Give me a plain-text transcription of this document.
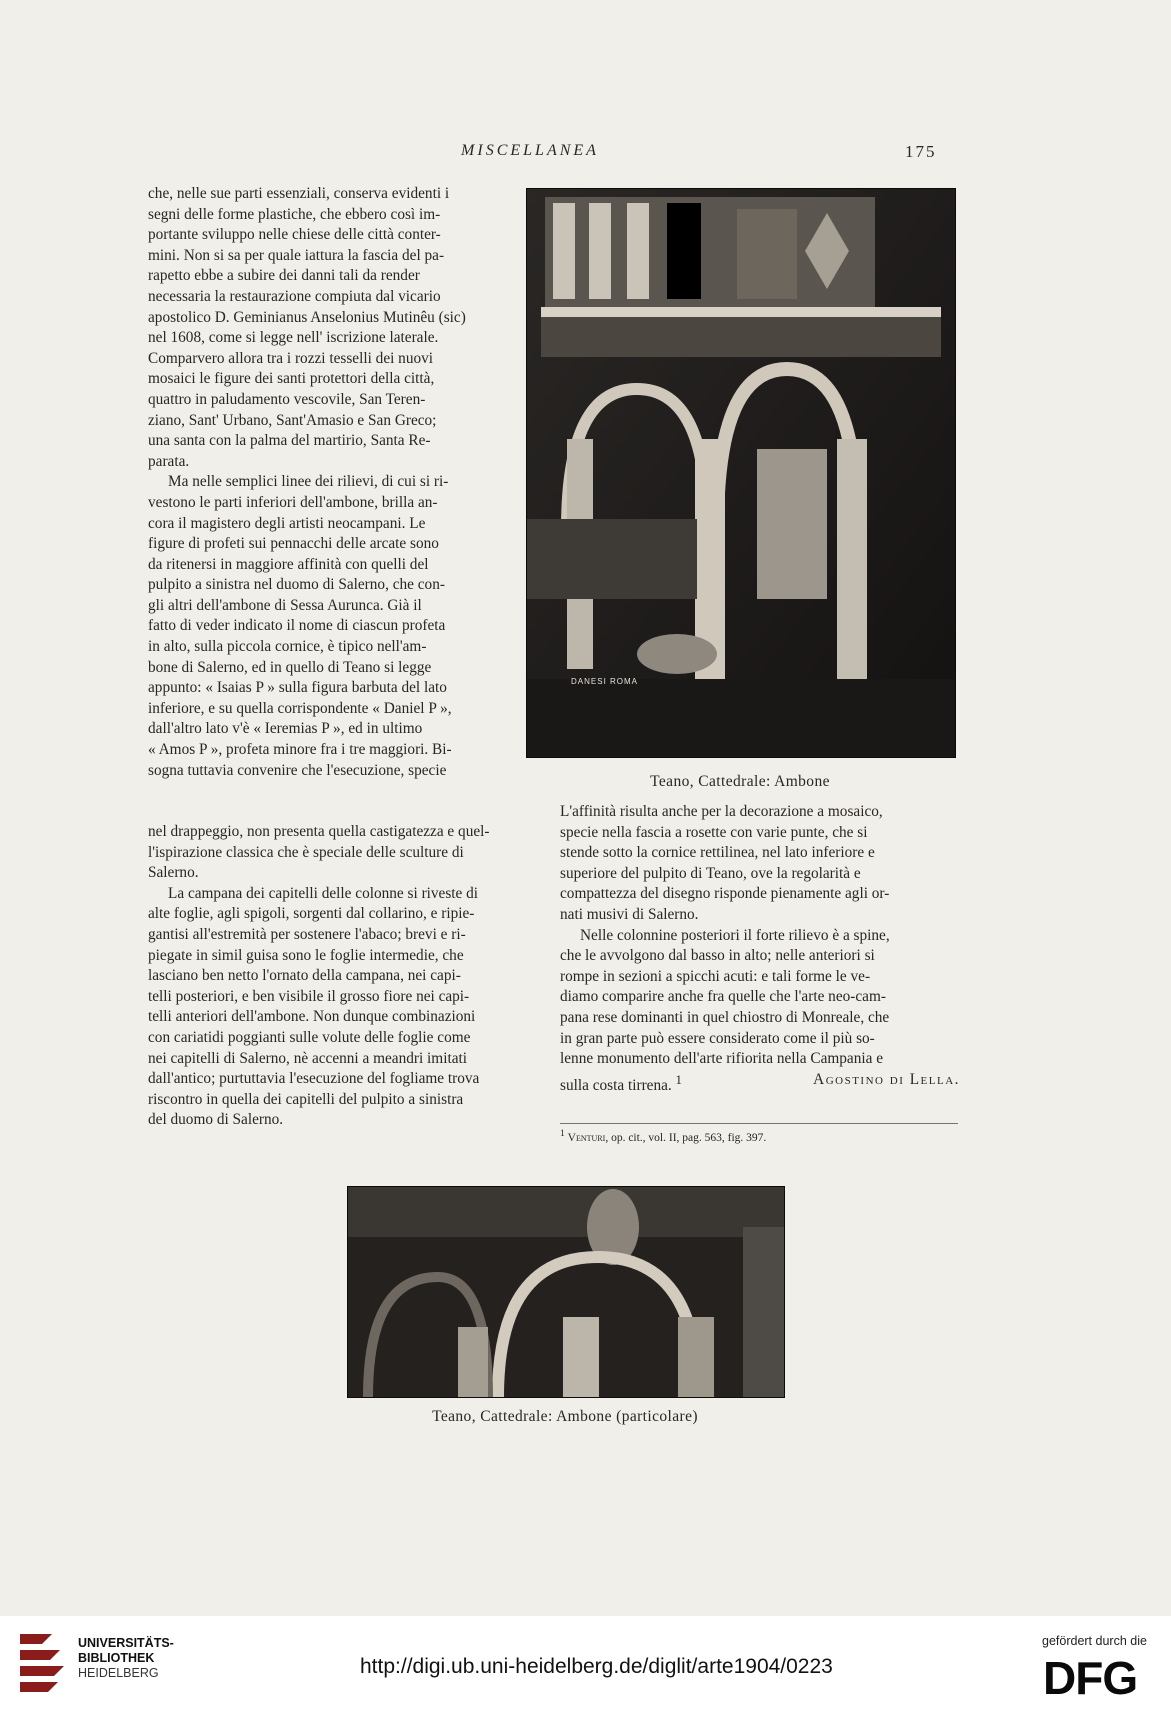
MISCELLANEA	175

che, nelle sue parti essenziali, conserva evidenti i

segni delle forme plastiche, che ebbero così im-

portante sviluppo nelle chiese delle città conter-

mini. Non si sa per quale iattura la fascia del pa-

rapetto ebbe a subire dei danni tali da render

necessaria la restaurazione compiuta dal vicario

apostolico D. Geminianus Anselonius Mutinêu (sic)

nel 1608, come si legge nell' iscrizione laterale.

Comparvero allora tra i rozzi tesselli dei nuovi

mosaici le figure dei santi protettori della città,

quattro in paludamento vescovile, San Teren-

ziano, Sant' Urbano, Sant'Amasio e San Greco;

una santa con la palma del martirio, Santa Re-

parata.

Ma nelle semplici linee dei rilievi, di cui si ri-

vestono le parti inferiori dell'ambone, brilla an-

cora il magistero degli artisti neocampani. Le

figure di profeti sui pennacchi delle arcate sono

da ritenersi in maggiore affinità con quelli del

pulpito a sinistra nel duomo di Salerno, che con-

gli altri dell'ambone di Sessa Aurunca. Già il

fatto di veder indicato il nome di ciascun profeta

in alto, sulla piccola cornice, è tipico nell'am-

bone di Salerno, ed in quello di Teano si legge

appunto: « Isaias P » sulla figura barbuta del lato

inferiore, e su quella corrispondente « Daniel P »,

dall'altro lato v'è « Ieremias P », ed in ultimo

« Amos P », profeta minore fra i tre maggiori. Bi-

sogna tuttavia convenire che l'esecuzione, specie

nel drappeggio, non presenta quella castigatezza e quel-

l'ispirazione classica che è speciale delle sculture di

Salerno.

La campana dei capitelli delle colonne si riveste di

alte foglie, agli spigoli, sorgenti dal collarino, e ripie-

gantisi all'estremità per sostenere l'abaco; brevi e ri-

piegate in simil guisa sono le foglie intermedie, che

lasciano ben netto l'ornato della campana, nei capi-

telli posteriori, e ben visibile il grosso fiore nei capi-

telli anteriori dell'ambone. Non dunque combinazioni

con cariatidi poggianti sulle volute delle foglie come

nei capitelli di Salerno, nè accenni a meandri imitati

dall'antico; purtuttavia l'esecuzione del fogliame trova

riscontro in quella dei capitelli del pulpito a sinistra

del duomo di Salerno.

DANESI ROMA
Teano, Cattedrale: Ambone

L'affinità risulta anche per la decorazione a mosaico,

specie nella fascia a rosette con varie punte, che si

stende sotto la cornice rettilinea, nel lato inferiore e

superiore del pulpito di Teano, ove la regolarità e

compattezza del disegno risponde pienamente agli or-

nati musivi di Salerno.

Nelle colonnine posteriori il forte rilievo è a spine,

che le avvolgono dal basso in alto; nelle anteriori si

rompe in sezioni a spicchi acuti: e tali forme le ve-

diamo comparire anche fra quelle che l'arte neo-cam-

pana rese dominanti in quel chiostro di Monreale, che

in gran parte può essere considerato come il più so-

lenne monumento dell'arte rifiorita nella Campania e

sulla costa tirrena. $^1$	Agostino di Lella.
$^1$ Venturi, op. cit., vol. II, pag. 563, fig. 397.
Teano, Cattedrale: Ambone (particolare)
UNIVERSITÄTS-
BIBLIOTHEK
HEIDELBERG	http://digi.ub.uni-heidelberg.de/diglit/arte1904/0223
gefördert durch die
DFG
